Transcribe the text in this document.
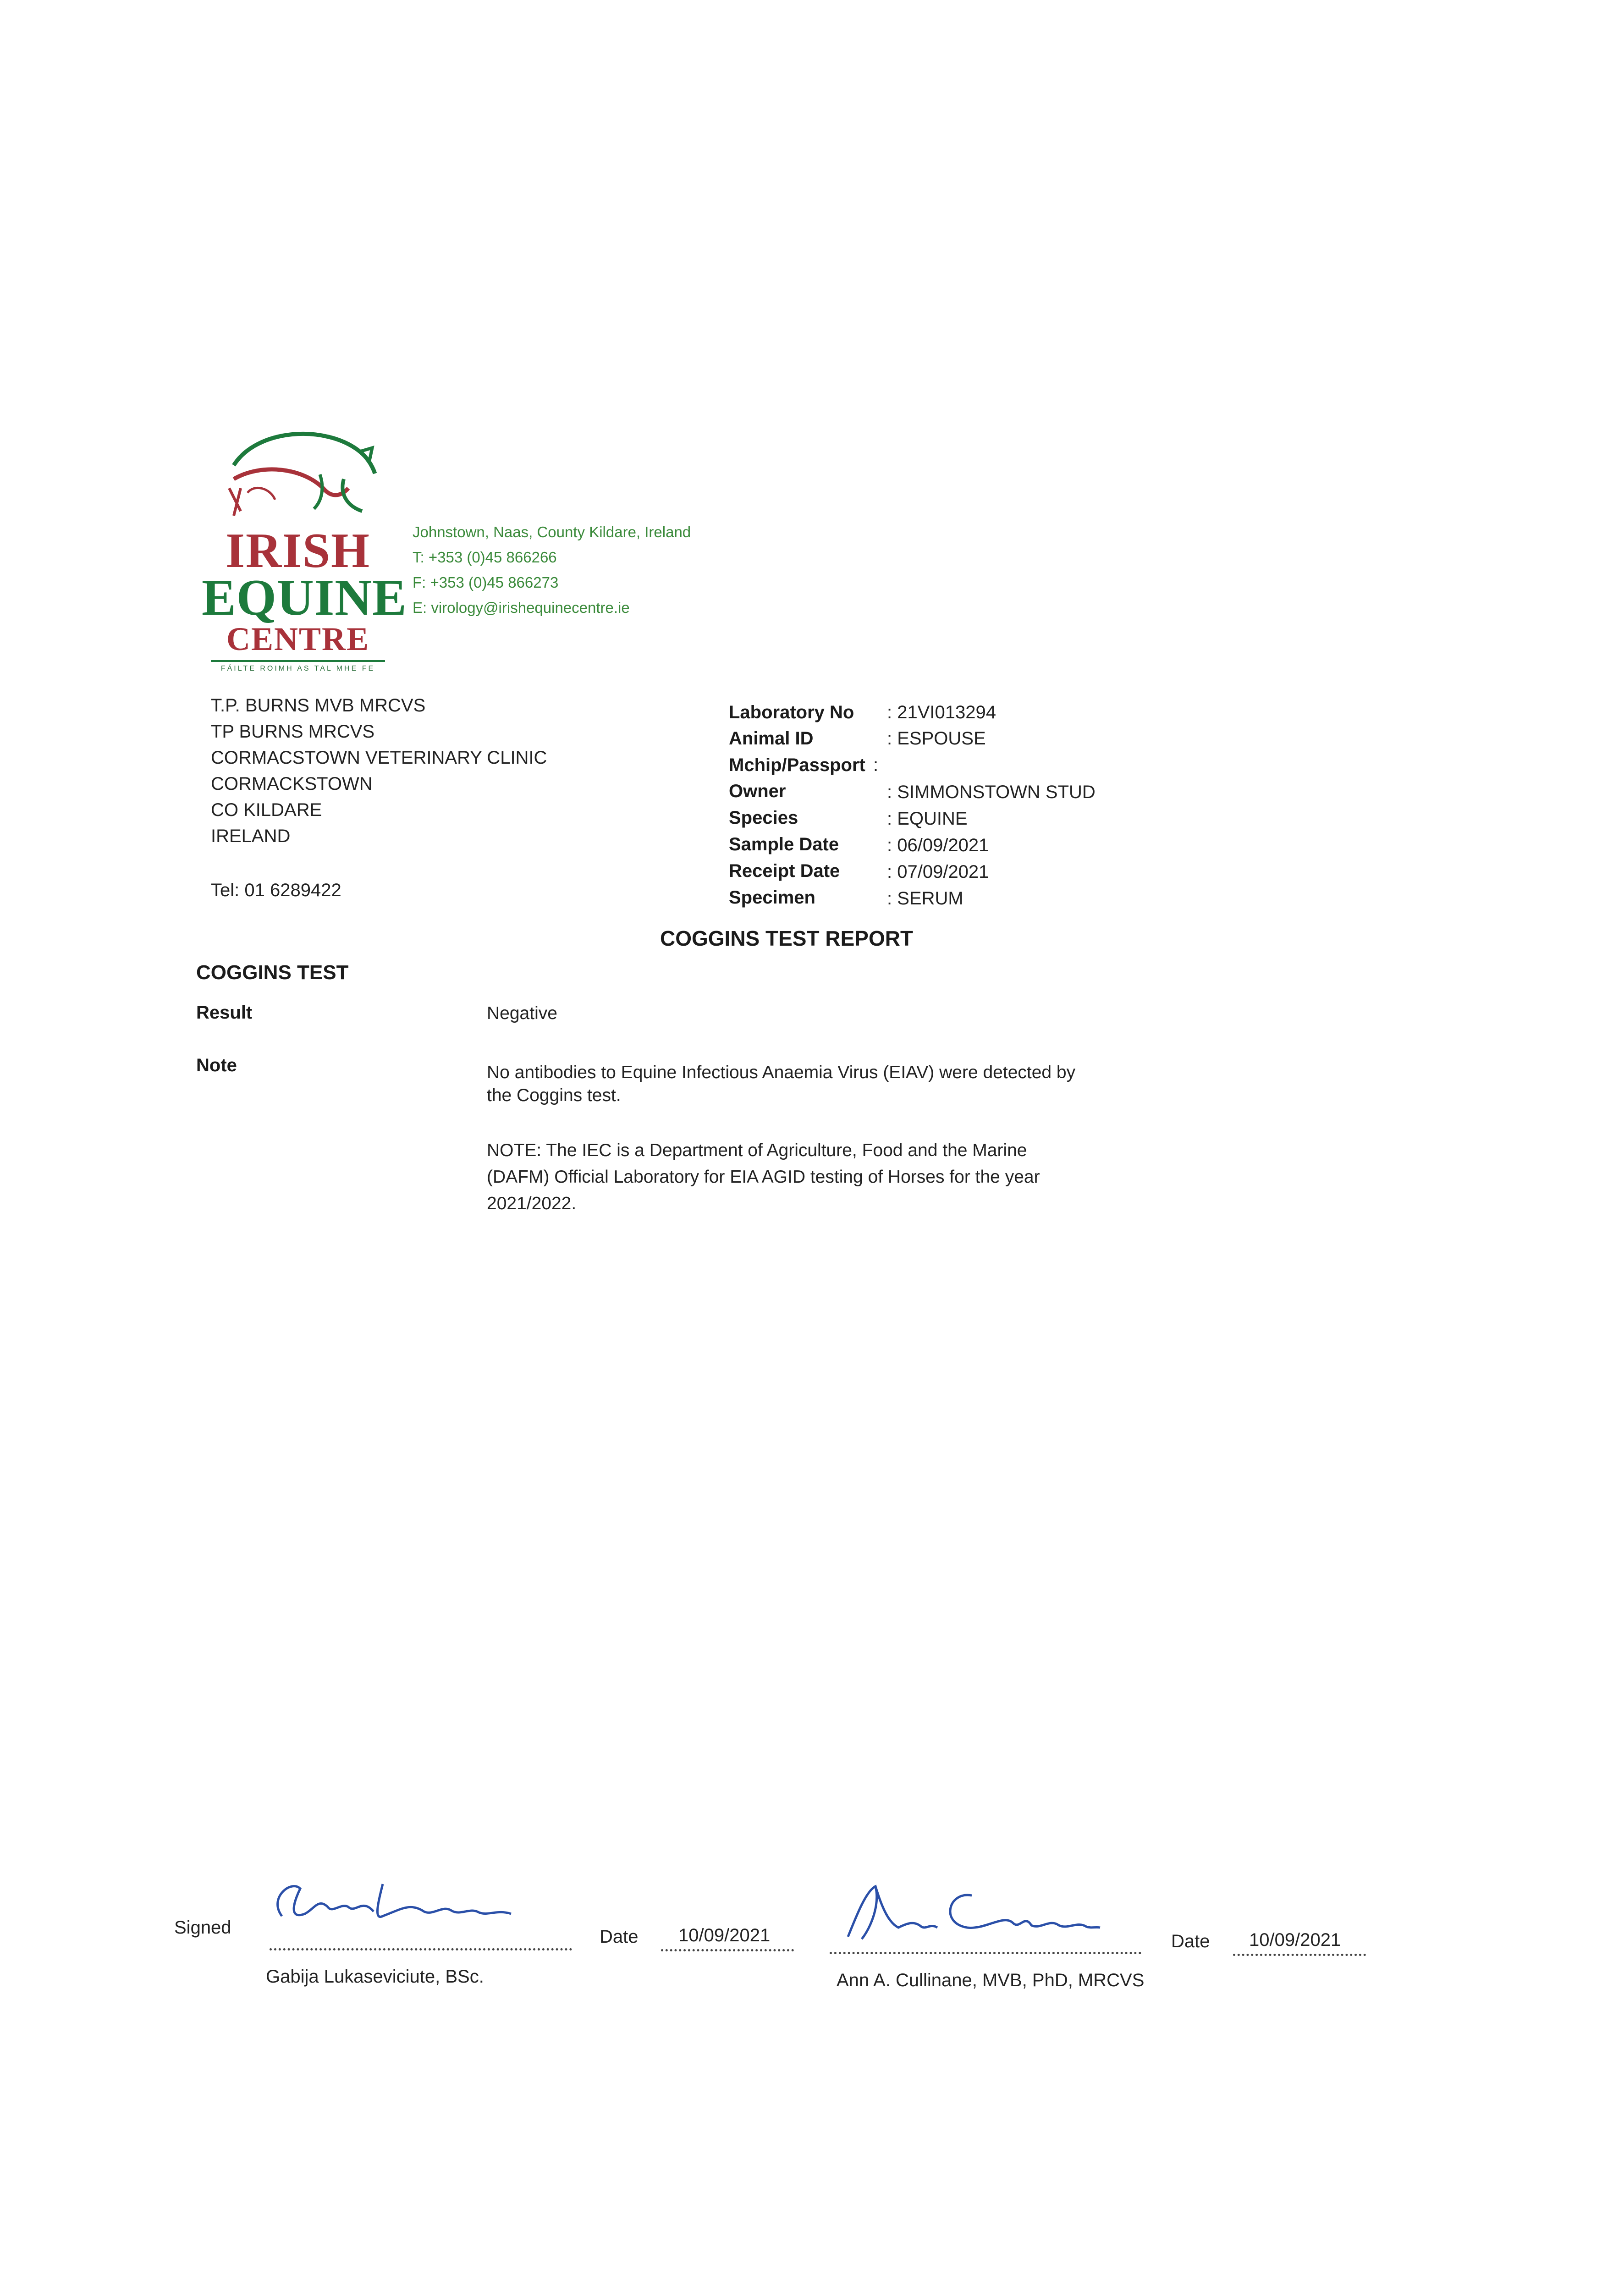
IRISH
EQUINE
CENTRE
FÁILTE ROIMH AS TAL MHE FE
Johnstown, Naas, County Kildare, Ireland
T: +353 (0)45 866266
F: +353 (0)45 866273
E: virology@irishequinecentre.ie
T.P. BURNS MVB MRCVS
TP BURNS MRCVS
CORMACSTOWN VETERINARY CLINIC
CORMACKSTOWN
CO KILDARE
IRELAND
Tel: 01 6289422
Laboratory No : 21VI013294
Animal ID	: ESPOUSE
Mchip/Passport :
Owner	: SIMMONSTOWN STUD
Species	: EQUINE
Sample Date	: 06/09/2021
Receipt Date	: 07/09/2021
Specimen	: SERUM
COGGINS TEST REPORT
COGGINS TEST
Result	Negative
Note	No antibodies to Equine Infectious Anaemia Virus (EIAV) were detected by
the Coggins test.
NOTE: The IEC is a Department of Agriculture, Food and the Marine
(DAFM) Official Laboratory for EIA AGID testing of Horses for the year
2021/2022.
Signed
Gabija Lukaseviciute, BSc.
Date 10/09/2021
Ann A. Cullinane, MVB, PhD, MRCVS
Date 10/09/2021
